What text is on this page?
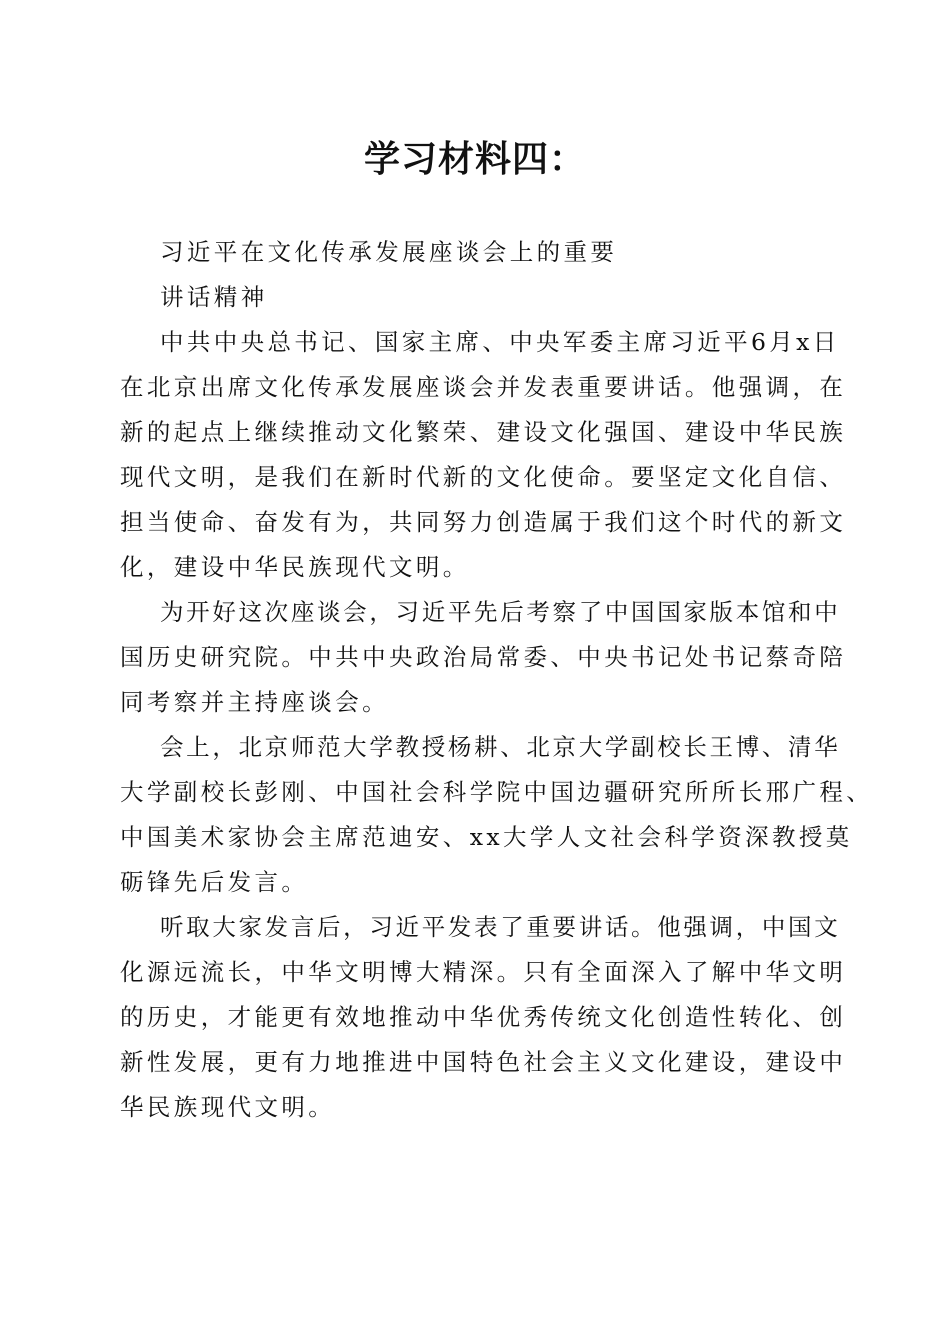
学习材料四：

习近平在文化传承发展座谈会上的重要

讲话精神

中共中央总书记、国家主席、中央军委主席习近平6月x日

在北京出席文化传承发展座谈会并发表重要讲话。他强调，在

新的起点上继续推动文化繁荣、建设文化强国、建设中华民族

现代文明，是我们在新时代新的文化使命。要坚定文化自信、

担当使命、奋发有为，共同努力创造属于我们这个时代的新文

化，建设中华民族现代文明。

为开好这次座谈会，习近平先后考察了中国国家版本馆和中

国历史研究院。中共中央政治局常委、中央书记处书记蔡奇陪

同考察并主持座谈会。

会上，北京师范大学教授杨耕、北京大学副校长王博、清华

大学副校长彭刚、中国社会科学院中国边疆研究所所长邢广程、

中国美术家协会主席范迪安、xx大学人文社会科学资深教授莫

砺锋先后发言。

听取大家发言后，习近平发表了重要讲话。他强调，中国文

化源远流长，中华文明博大精深。只有全面深入了解中华文明

的历史，才能更有效地推动中华优秀传统文化创造性转化、创

新性发展，更有力地推进中国特色社会主义文化建设，建设中

华民族现代文明。
